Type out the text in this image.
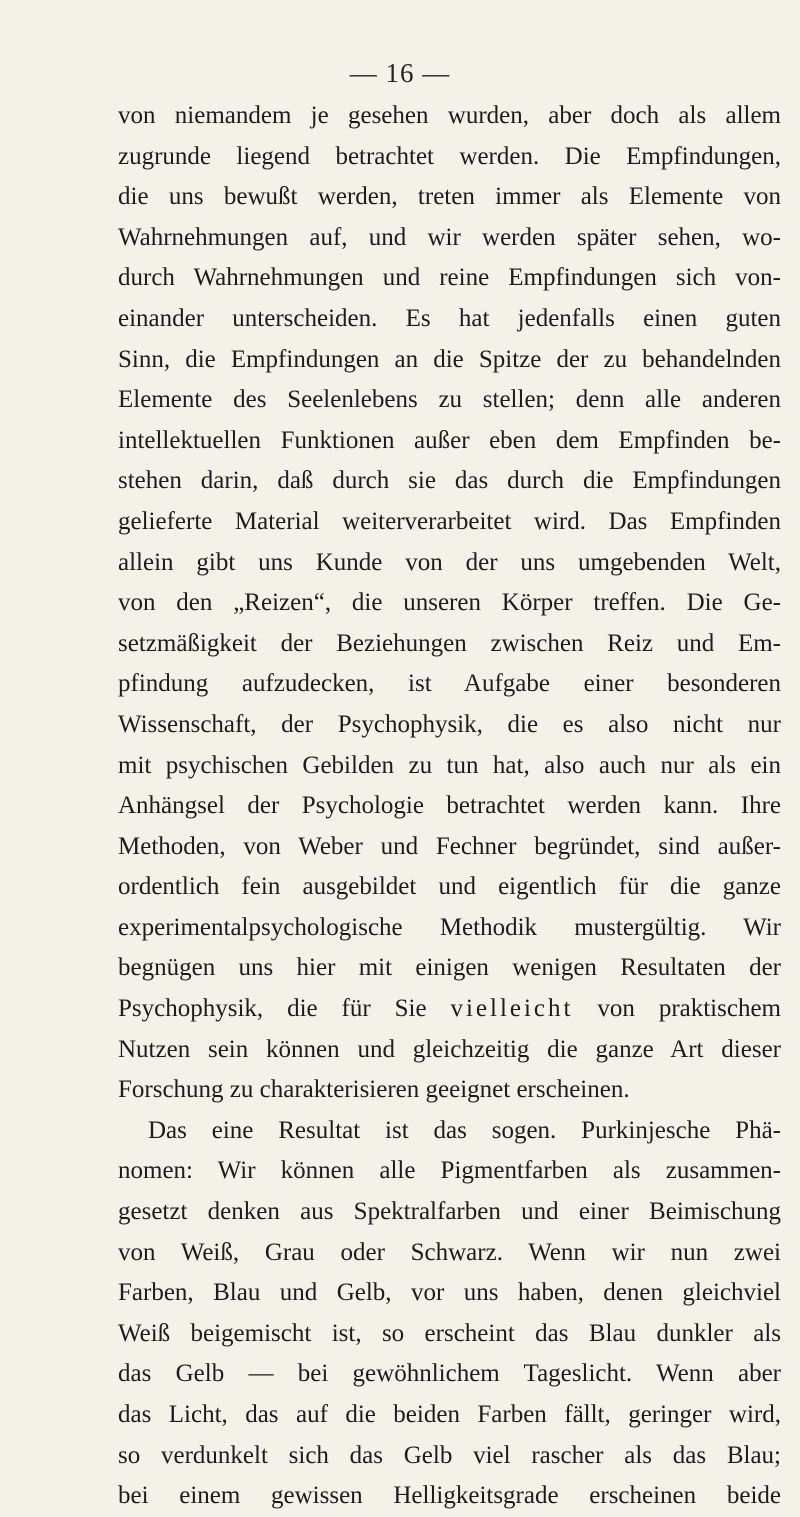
— 16 —
von niemandem je gesehen wurden, aber doch als allem
zugrunde liegend betrachtet werden. Die Empfindungen,
die uns bewußt werden, treten immer als Elemente von
Wahrnehmungen auf, und wir werden später sehen, wo-
durch Wahrnehmungen und reine Empfindungen sich von-
einander unterscheiden. Es hat jedenfalls einen guten
Sinn, die Empfindungen an die Spitze der zu behandelnden
Elemente des Seelenlebens zu stellen; denn alle anderen
intellektuellen Funktionen außer eben dem Empfinden be-
stehen darin, daß durch sie das durch die Empfindungen
gelieferte Material weiterverarbeitet wird. Das Empfinden
allein gibt uns Kunde von der uns umgebenden Welt,
von den „Reizen“, die unseren Körper treffen. Die Ge-
setzmäßigkeit der Beziehungen zwischen Reiz und Em-
pfindung aufzudecken, ist Aufgabe einer besonderen
Wissenschaft, der Psychophysik, die es also nicht nur
mit psychischen Gebilden zu tun hat, also auch nur als ein
Anhängsel der Psychologie betrachtet werden kann. Ihre
Methoden, von Weber und Fechner begründet, sind außer-
ordentlich fein ausgebildet und eigentlich für die ganze
experimentalpsychologische Methodik mustergültig. Wir
begnügen uns hier mit einigen wenigen Resultaten der
Psychophysik, die für Sie vielleicht von praktischem
Nutzen sein können und gleichzeitig die ganze Art dieser
Forschung zu charakterisieren geeignet erscheinen.
Das eine Resultat ist das sogen. Purkinjesche Phä-
nomen: Wir können alle Pigmentfarben als zusammen-
gesetzt denken aus Spektralfarben und einer Beimischung
von Weiß, Grau oder Schwarz. Wenn wir nun zwei
Farben, Blau und Gelb, vor uns haben, denen gleichviel
Weiß beigemischt ist, so erscheint das Blau dunkler als
das Gelb — bei gewöhnlichem Tageslicht. Wenn aber
das Licht, das auf die beiden Farben fällt, geringer wird,
so verdunkelt sich das Gelb viel rascher als das Blau;
bei einem gewissen Helligkeitsgrade erscheinen beide
